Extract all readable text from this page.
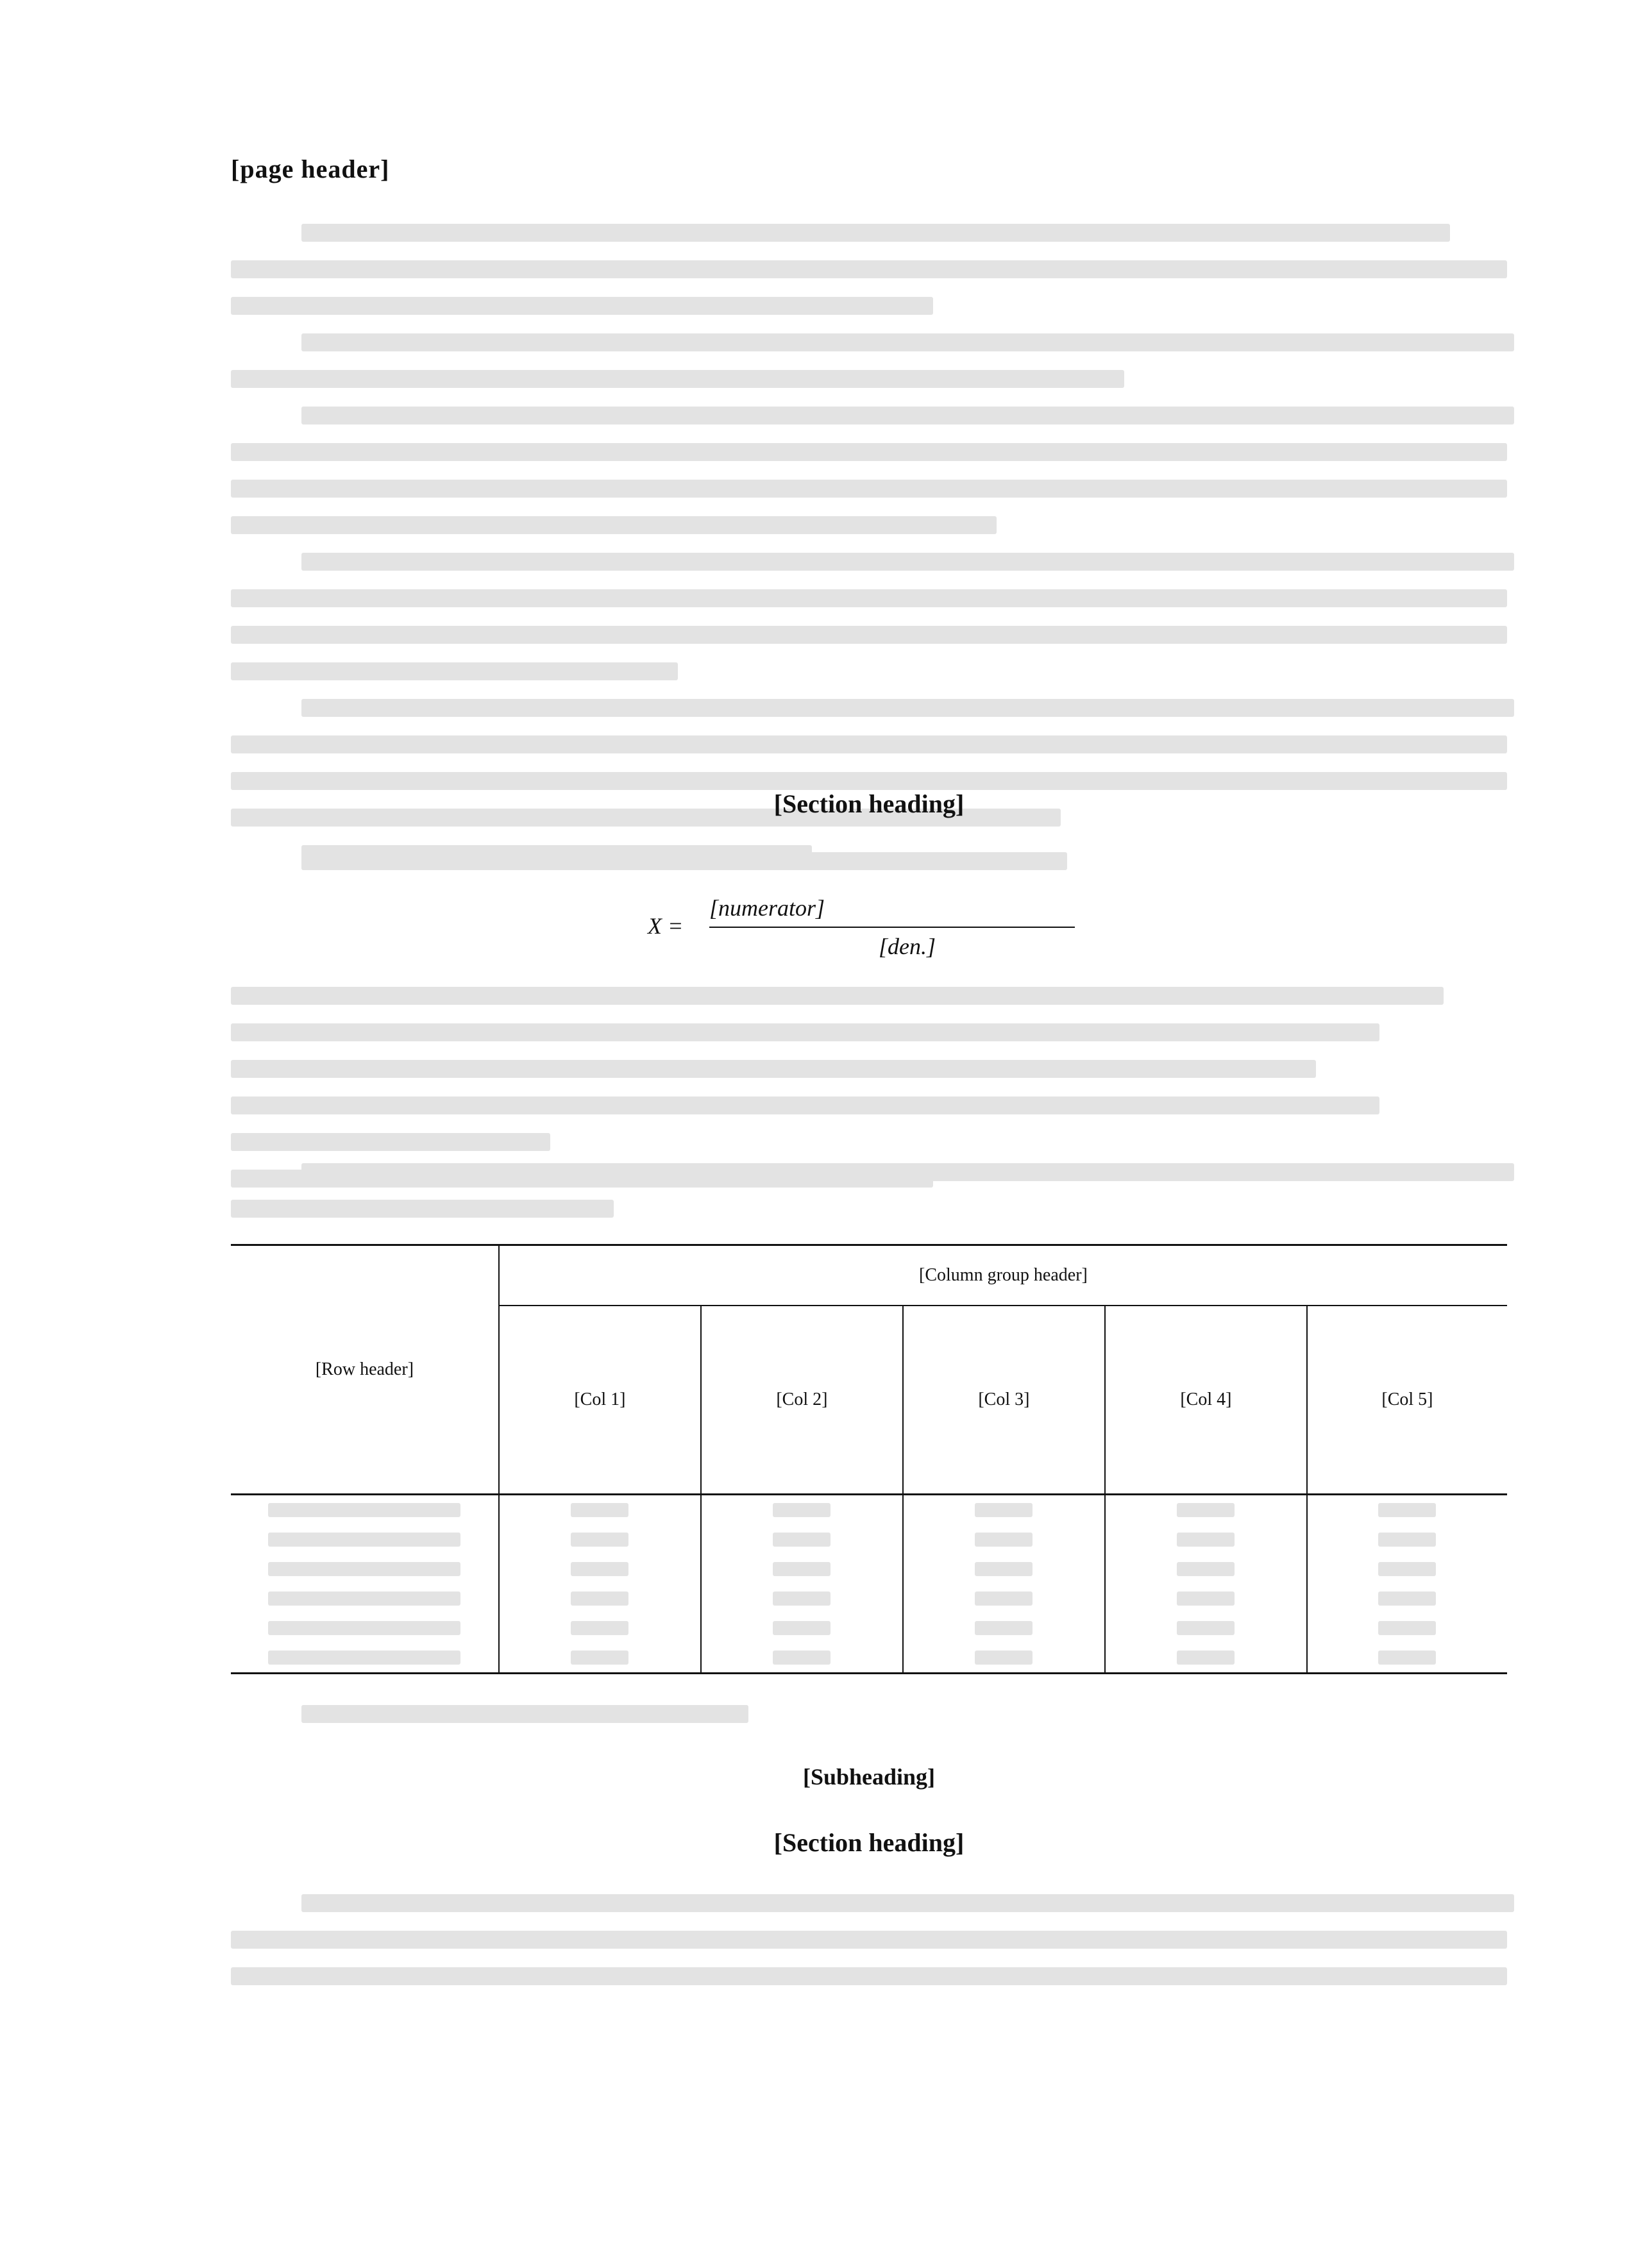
[page header]

[Section heading]

X =
[numerator]
[den.]

[Row header]	[Column group header]				
	[Col 1]	[Col 2]	[Col 3]	[Col 4]	[Col 5]

[Subheading]
[Section heading]
